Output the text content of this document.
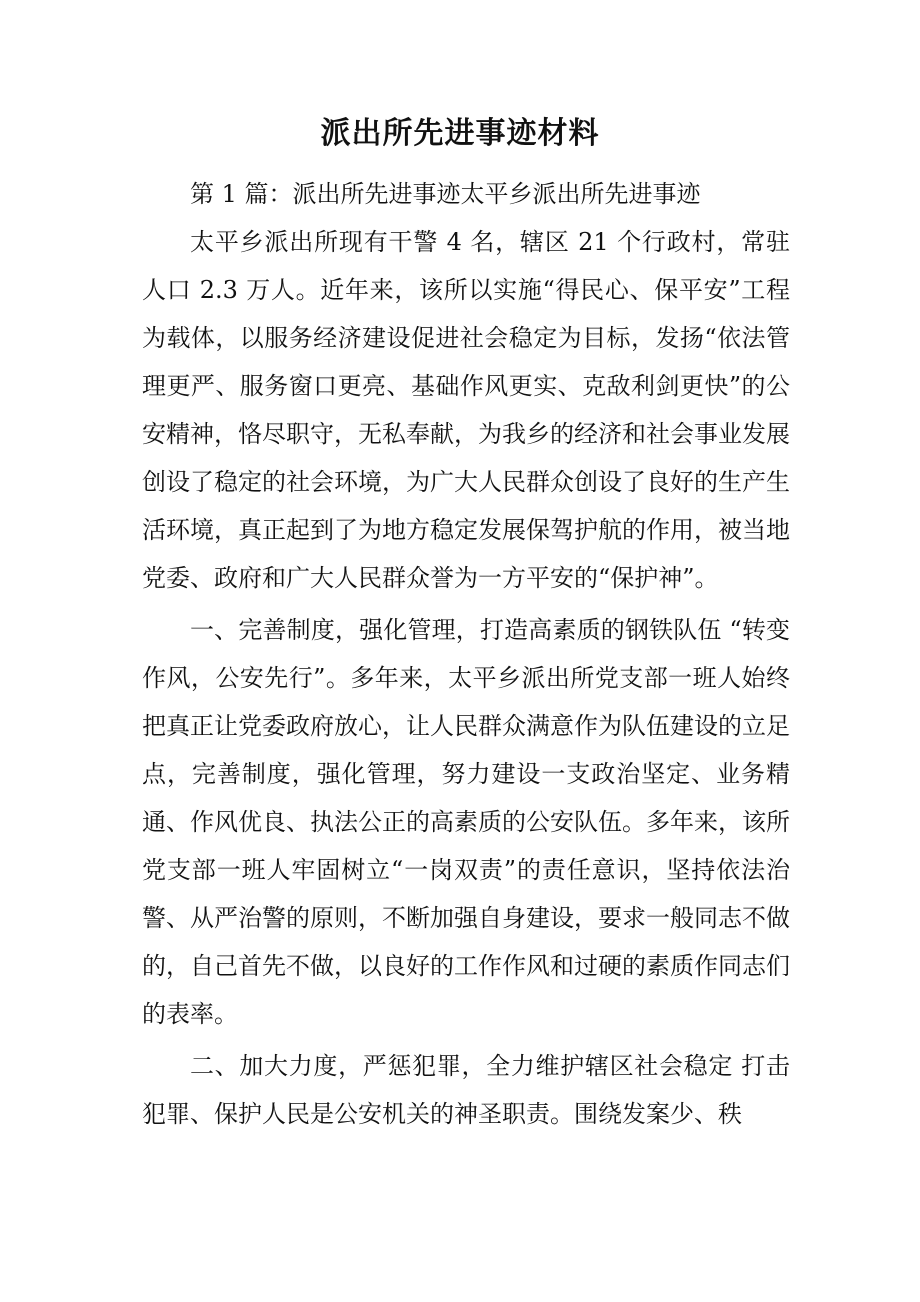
派出所先进事迹材料

第 1 篇：派出所先进事迹太平乡派出所先进事迹

太平乡派出所现有干警 4 名，辖区 21 个行政村，常驻人口 2.3 万人。近年来，该所以实施“得民心、保平安”工程为载体，以服务经济建设促进社会稳定为目标，发扬“依法管理更严、服务窗口更亮、基础作风更实、克敌利剑更快”的公安精神，恪尽职守，无私奉献，为我乡的经济和社会事业发展创设了稳定的社会环境，为广大人民群众创设了良好的生产生活环境，真正起到了为地方稳定发展保驾护航的作用，被当地党委、政府和广大人民群众誉为一方平安的“保护神”。

一、完善制度，强化管理，打造高素质的钢铁队伍 “转变作风，公安先行”。多年来，太平乡派出所党支部一班人始终把真正让党委政府放心，让人民群众满意作为队伍建设的立足点，完善制度，强化管理，努力建设一支政治坚定、业务精通、作风优良、执法公正的高素质的公安队伍。多年来，该所党支部一班人牢固树立“一岗双责”的责任意识，坚持依法治警、从严治警的原则，不断加强自身建设，要求一般同志不做的，自己首先不做，以良好的工作作风和过硬的素质作同志们的表率。

二、加大力度，严惩犯罪，全力维护辖区社会稳定 打击犯罪、保护人民是公安机关的神圣职责。围绕发案少、秩
